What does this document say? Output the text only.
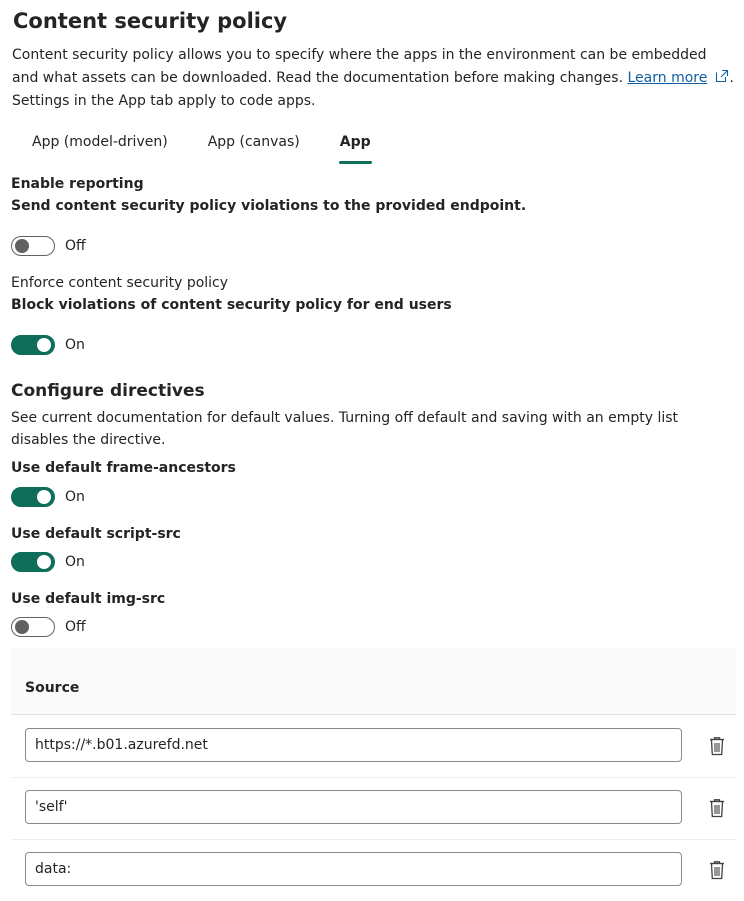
Content security policy

Content security policy allows you to specify where the apps in the environment can be embedded and what assets can be downloaded. Read the documentation before making changes. Learn more .
Settings in the App tab apply to code apps.

App (model-driven)	App (canvas)	App
Enable reporting
Send content security policy violations to the provided endpoint.
Off
Enforce content security policy
Block violations of content security policy for end users
On
Configure directives
See current documentation for default values. Turning off default and saving with an empty list disables the directive.
Use default frame-ancestors
On
Use default script-src
On
Use default img-src
Off
Source
https://*.b01.azurefd.net
'self'
data:
